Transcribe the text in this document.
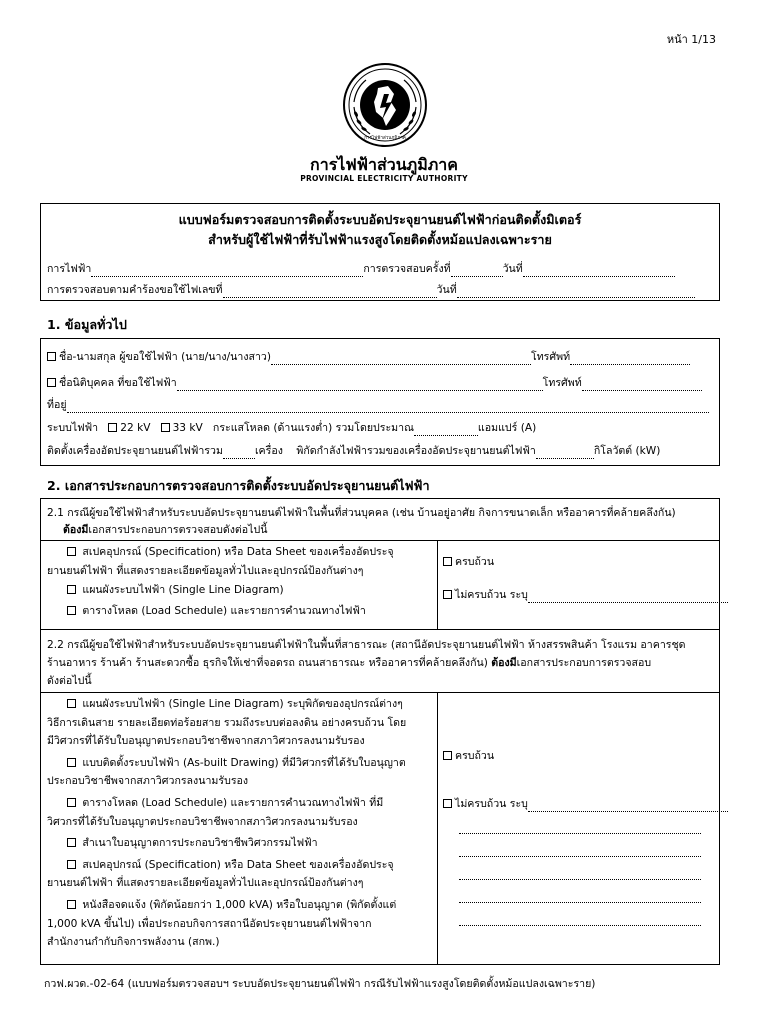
หน้า 1/13
การไฟฟ้าส่วนภูมิภาค
การไฟฟ้าส่วนภูมิภาค
PROVINCIAL ELECTRICITY AUTHORITY
แบบฟอร์มตรวจสอบการติดตั้งระบบอัดประจุยานยนต์ไฟฟ้าก่อนติดตั้งมิเตอร์
สำหรับผู้ใช้ไฟฟ้าที่รับไฟฟ้าแรงสูงโดยติดตั้งหม้อแปลงเฉพาะราย
การไฟฟ้า	การตรวจสอบครั้งที่	วันที่
การตรวจสอบตามคำร้องขอใช้ไฟเลขที่	วันที่
1. ข้อมูลทั่วไป
ชื่อ-นามสกุล ผู้ขอใช้ไฟฟ้า (นาย/นาง/นางสาว)	โทรศัพท์
ชื่อนิติบุคคล ที่ขอใช้ไฟฟ้า	โทรศัพท์
ที่อยู่
ระบบไฟฟ้า 22 kV 33 kV กระแสโหลด (ด้านแรงต่ำ) รวมโดยประมาณ	แอมแปร์ (A)
ติดตั้งเครื่องอัดประจุยานยนต์ไฟฟ้ารวม	เครื่อง พิกัดกำลังไฟฟ้ารวมของเครื่องอัดประจุยานยนต์ไฟฟ้า	กิโลวัตต์ (kW)
2. เอกสารประกอบการตรวจสอบการติดตั้งระบบอัดประจุยานยนต์ไฟฟ้า
2.1 กรณีผู้ขอใช้ไฟฟ้าสำหรับระบบอัดประจุยานยนต์ไฟฟ้าในพื้นที่ส่วนบุคคล (เช่น บ้านอยู่อาศัย กิจการขนาดเล็ก หรืออาคารที่คล้ายคลึงกัน)
ต้องมีเอกสารประกอบการตรวจสอบดังต่อไปนี้
สเปคอุปกรณ์ (Specification) หรือ Data Sheet ของเครื่องอัดประจุ
ยานยนต์ไฟฟ้า ที่แสดงรายละเอียดข้อมูลทั่วไปและอุปกรณ์ป้องกันต่างๆ
แผนผังระบบไฟฟ้า (Single Line Diagram)
ตารางโหลด (Load Schedule) และรายการคำนวณทางไฟฟ้า
ครบถ้วน
ไม่ครบถ้วน ระบุ
2.2 กรณีผู้ขอใช้ไฟฟ้าสำหรับระบบอัดประจุยานยนต์ไฟฟ้าในพื้นที่สาธารณะ (สถานีอัดประจุยานยนต์ไฟฟ้า ห้างสรรพสินค้า โรงแรม อาคารชุด
ร้านอาหาร ร้านค้า ร้านสะดวกซื้อ ธุรกิจให้เช่าที่จอดรถ ถนนสาธารณะ หรืออาคารที่คล้ายคลึงกัน) ต้องมีเอกสารประกอบการตรวจสอบ
ดังต่อไปนี้
แผนผังระบบไฟฟ้า (Single Line Diagram) ระบุพิกัดของอุปกรณ์ต่างๆ
วิธีการเดินสาย รายละเอียดท่อร้อยสาย รวมถึงระบบต่อลงดิน อย่างครบถ้วน โดย
มีวิศวกรที่ได้รับใบอนุญาตประกอบวิชาชีพจากสภาวิศวกรลงนามรับรอง
แบบติดตั้งระบบไฟฟ้า (As-built Drawing) ที่มีวิศวกรที่ได้รับใบอนุญาต
ประกอบวิชาชีพจากสภาวิศวกรลงนามรับรอง
ตารางโหลด (Load Schedule) และรายการคำนวณทางไฟฟ้า ที่มี
วิศวกรที่ได้รับใบอนุญาตประกอบวิชาชีพจากสภาวิศวกรลงนามรับรอง
สำเนาใบอนุญาตการประกอบวิชาชีพวิศวกรรมไฟฟ้า
สเปคอุปกรณ์ (Specification) หรือ Data Sheet ของเครื่องอัดประจุ
ยานยนต์ไฟฟ้า ที่แสดงรายละเอียดข้อมูลทั่วไปและอุปกรณ์ป้องกันต่างๆ
หนังสือจดแจ้ง (พิกัดน้อยกว่า 1,000 kVA) หรือใบอนุญาต (พิกัดตั้งแต่
1,000 kVA ขึ้นไป) เพื่อประกอบกิจการสถานีอัดประจุยานยนต์ไฟฟ้าจาก
สำนักงานกำกับกิจการพลังงาน (สกพ.)
ครบถ้วน
ไม่ครบถ้วน ระบุ
กวฟ.ผวด.-02-64 (แบบฟอร์มตรวจสอบฯ ระบบอัดประจุยานยนต์ไฟฟ้า กรณีรับไฟฟ้าแรงสูงโดยติดตั้งหม้อแปลงเฉพาะราย)
